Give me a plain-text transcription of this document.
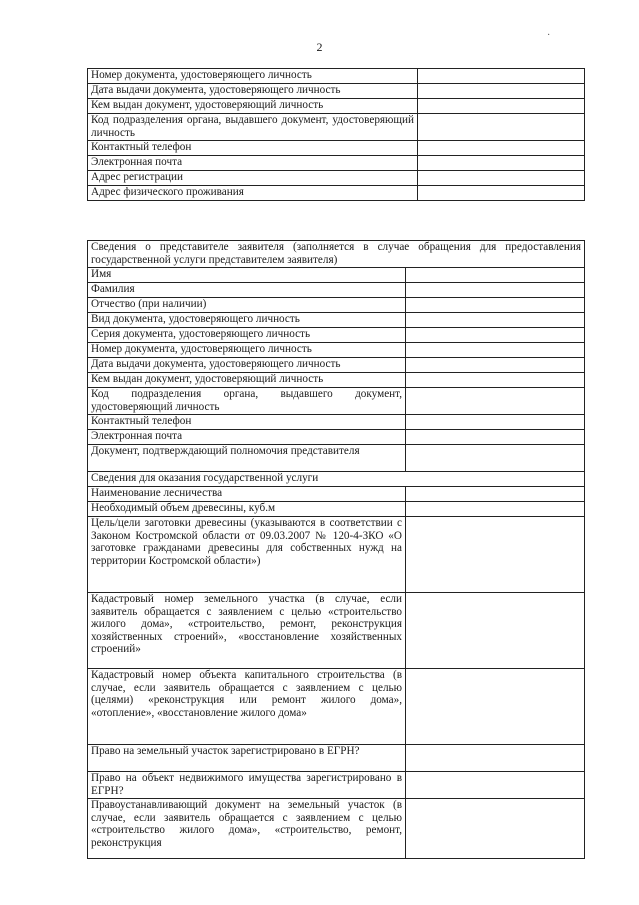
2
·
Номер документа, удостоверяющего личность	
Дата выдачи документа, удостоверяющего личность	
Кем выдан документ, удостоверяющий личность	
Код подразделения органа, выдавшего документ, удостоверяющий личность	
Контактный телефон	
Электронная почта	
Адрес регистрации	
Адрес физического проживания	
Сведения о представителе заявителя (заполняется в случае обращения для предоставления государственной услуги представителем заявителя)	
Имя	
Фамилия	
Отчество (при наличии)	
Вид документа, удостоверяющего личность	
Серия документа, удостоверяющего личность	
Номер документа, удостоверяющего личность	
Дата выдачи документа, удостоверяющего личность	
Кем выдан документ, удостоверяющий личность	
Код подразделения органа, выдавшего документ, удостоверяющий личность	
Контактный телефон	
Электронная почта	
Документ, подтверждающий полномочия представителя	
Сведения для оказания государственной услуги	
Наименование лесничества	
Необходимый объем древесины, куб.м	
Цель/цели заготовки древесины (указываются в соответствии с Законом Костромской области от 09.03.2007 № 120-4-ЗКО «О заготовке гражданами древесины для собственных нужд на территории Костромской области»)	
Кадастровый номер земельного участка (в случае, если заявитель обращается с заявлением с целью «строительство жилого дома», «строительство, ремонт, реконструкция хозяйственных строений», «восстановление хозяйственных строений»	
Кадастровый номер объекта капитального строительства (в случае, если заявитель обращается с заявлением с целью (целями) «реконструкция или ремонт жилого дома», «отопление», «восстановление жилого дома»	
Право на земельный участок зарегистрировано в ЕГРН?	
Право на объект недвижимого имущества зарегистрировано в ЕГРН?	
Правоустанавливающий документ на земельный участок (в случае, если заявитель обращается с заявлением с целью «строительство жилого дома», «строительство, ремонт, реконструкция	
